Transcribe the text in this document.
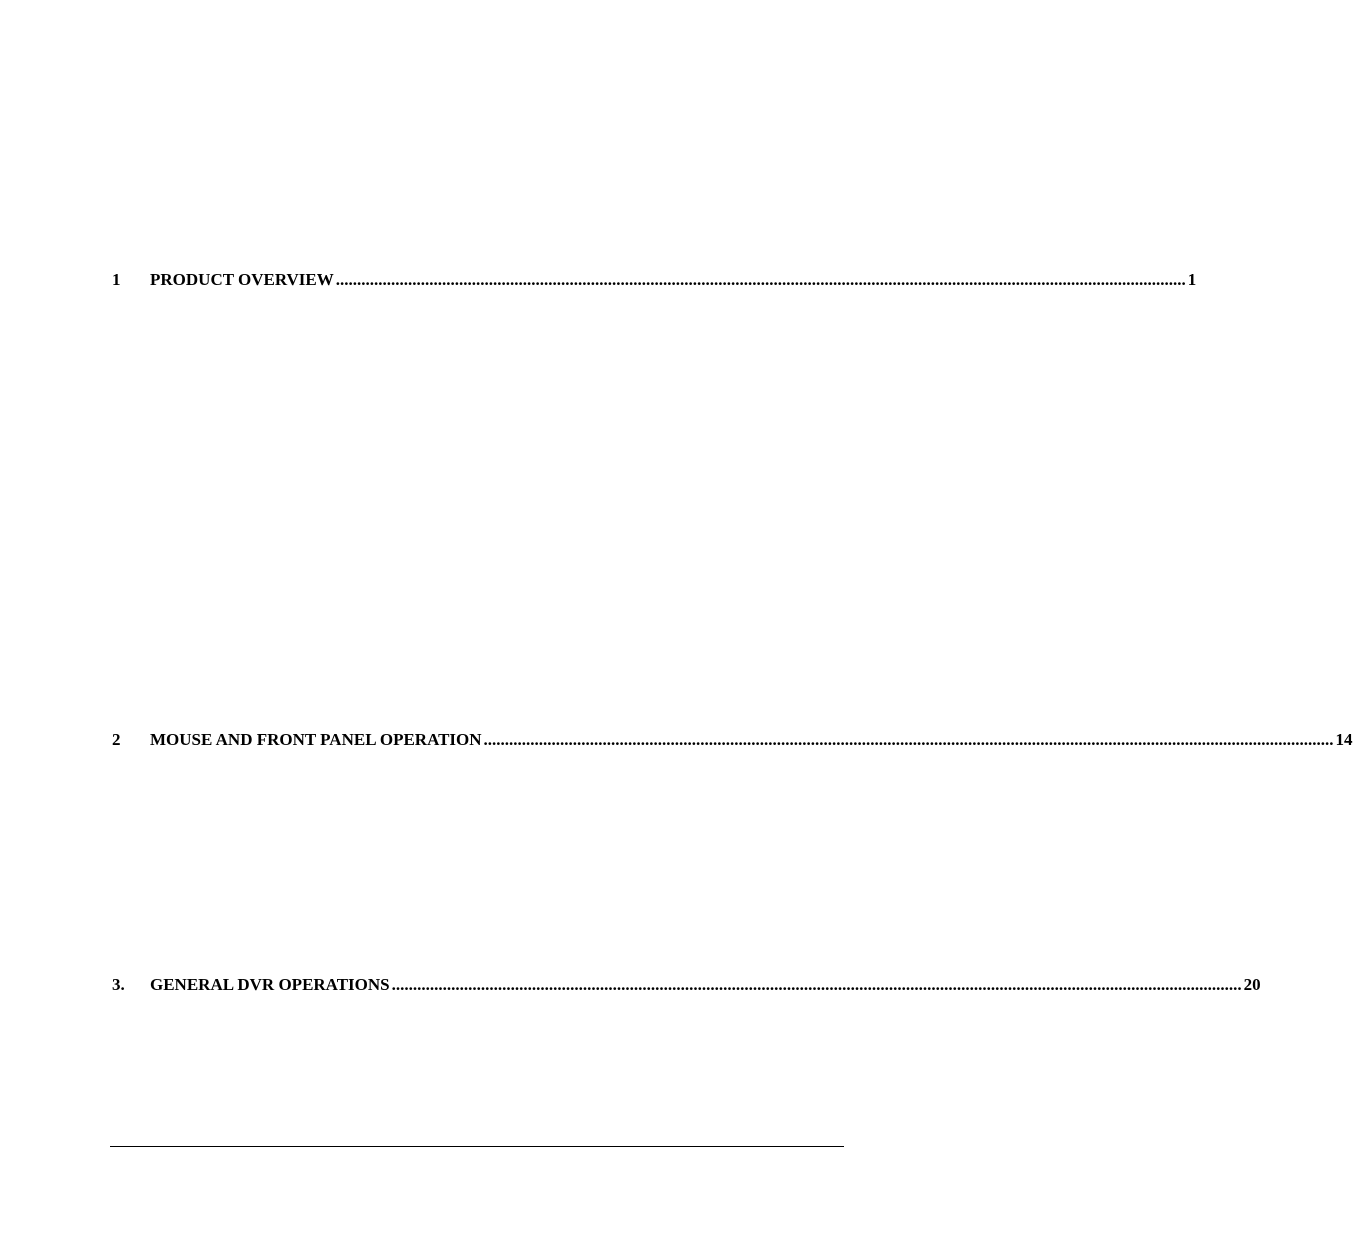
1	PRODUCT OVERVIEW ........................................................................................................................................................................................................ 1
2	MOUSE AND FRONT PANEL OPERATION ........................................................................................................................................................................................................ 14
3.	GENERAL DVR OPERATIONS ........................................................................................................................................................................................................ 20
